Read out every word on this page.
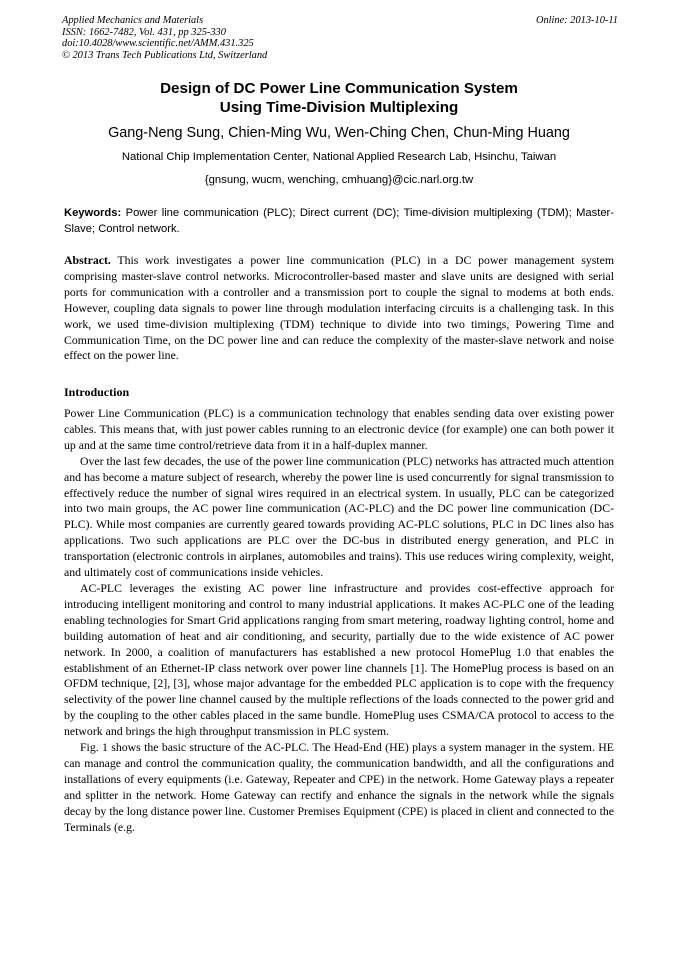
Applied Mechanics and Materials
ISSN: 1662-7482, Vol. 431, pp 325-330
doi:10.4028/www.scientific.net/AMM.431.325
© 2013 Trans Tech Publications Ltd, Switzerland
Online: 2013-10-11
Design of DC Power Line Communication System
Using Time-Division Multiplexing
Gang-Neng Sung, Chien-Ming Wu, Wen-Ching Chen, Chun-Ming Huang
National Chip Implementation Center, National Applied Research Lab, Hsinchu, Taiwan
{gnsung, wucm, wenching, cmhuang}@cic.narl.org.tw
Keywords: Power line communication (PLC); Direct current (DC); Time-division multiplexing (TDM); Master-Slave; Control network.
Abstract. This work investigates a power line communication (PLC) in a DC power management system comprising master-slave control networks. Microcontroller-based master and slave units are designed with serial ports for communication with a controller and a transmission port to couple the signal to modems at both ends. However, coupling data signals to power line through modulation interfacing circuits is a challenging task. In this work, we used time-division multiplexing (TDM) technique to divide into two timings, Powering Time and Communication Time, on the DC power line and can reduce the complexity of the master-slave network and noise effect on the power line.
Introduction

Power Line Communication (PLC) is a communication technology that enables sending data over existing power cables. This means that, with just power cables running to an electronic device (for example) one can both power it up and at the same time control/retrieve data from it in a half-duplex manner.

Over the last few decades, the use of the power line communication (PLC) networks has attracted much attention and has become a mature subject of research, whereby the power line is used concurrently for signal transmission to effectively reduce the number of signal wires required in an electrical system. In usually, PLC can be categorized into two main groups, the AC power line communication (AC-PLC) and the DC power line communication (DC-PLC). While most companies are currently geared towards providing AC-PLC solutions, PLC in DC lines also has applications. Two such applications are PLC over the DC-bus in distributed energy generation, and PLC in transportation (electronic controls in airplanes, automobiles and trains). This use reduces wiring complexity, weight, and ultimately cost of communications inside vehicles.

AC-PLC leverages the existing AC power line infrastructure and provides cost-effective approach for introducing intelligent monitoring and control to many industrial applications. It makes AC-PLC one of the leading enabling technologies for Smart Grid applications ranging from smart metering, roadway lighting control, home and building automation of heat and air conditioning, and security, partially due to the wide existence of AC power network. In 2000, a coalition of manufacturers has established a new protocol HomePlug 1.0 that enables the establishment of an Ethernet-IP class network over power line channels [1]. The HomePlug process is based on an OFDM technique, [2], [3], whose major advantage for the embedded PLC application is to cope with the frequency selectivity of the power line channel caused by the multiple reflections of the loads connected to the power grid and by the coupling to the other cables placed in the same bundle. HomePlug uses CSMA/CA protocol to access to the network and brings the high throughput transmission in PLC system.

Fig. 1 shows the basic structure of the AC-PLC. The Head-End (HE) plays a system manager in the system. HE can manage and control the communication quality, the communication bandwidth, and all the configurations and installations of every equipments (i.e. Gateway, Repeater and CPE) in the network. Home Gateway plays a repeater and splitter in the network. Home Gateway can rectify and enhance the signals in the network while the signals decay by the long distance power line. Customer Premises Equipment (CPE) is placed in client and connected to the Terminals (e.g.
